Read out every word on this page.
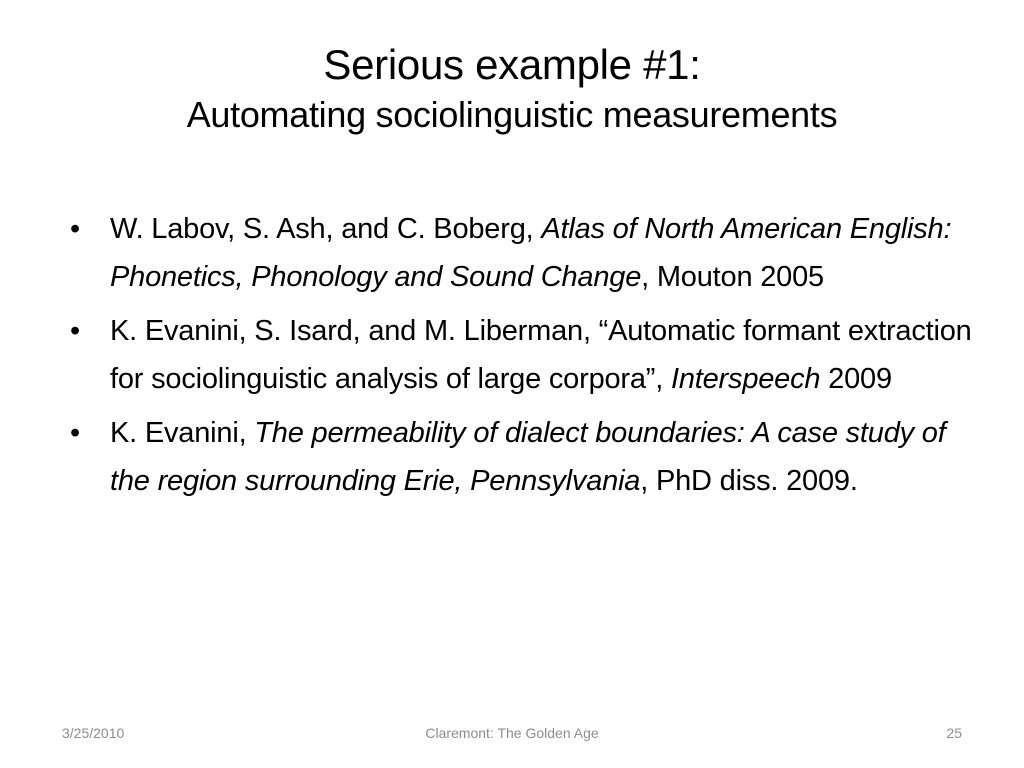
Serious example #1:
Automating sociolinguistic measurements
• W. Labov, S. Ash, and C. Boberg, Atlas of North American English: Phonetics, Phonology and Sound Change, Mouton 2005
• K. Evanini, S. Isard, and M. Liberman, “Automatic formant extraction for sociolinguistic analysis of large corpora”, Interspeech 2009
• K. Evanini, The permeability of dialect boundaries: A case study of the region surrounding Erie, Pennsylvania, PhD diss. 2009.
3/25/2010	Claremont: The Golden Age	25
